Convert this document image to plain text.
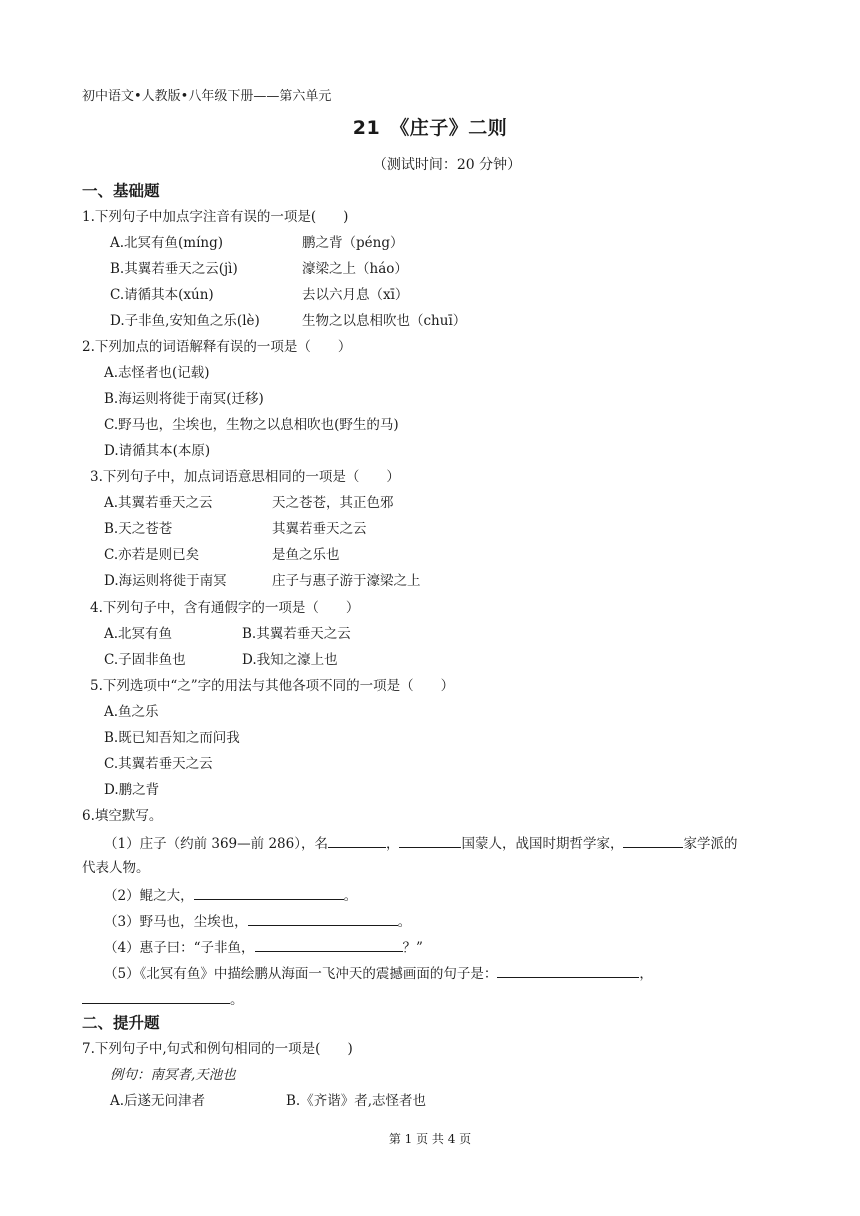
初中语文•人教版•八年级下册——第六单元
21　《庄子》二则
（测试时间：20 分钟）
一、基础题
1.下列句子中加点字注音有误的一项是(　　)
A.北冥有鱼(míng)	鹏之背（péng）
B.其翼若垂天之云(jì)	濠梁之上（háo）
C.请循其本(xún)	去以六月息（xī）
D.子非鱼,安知鱼之乐(lè)	生物之以息相吹也（chuī）
2.下列加点的词语解释有误的一项是（　　）
A.志怪者也(记载)
B.海运则将徙于南冥(迁移)
C.野马也，尘埃也，生物之以息相吹也(野生的马)
D.请循其本(本原)
3.下列句子中，加点词语意思相同的一项是（　　）
A.其翼若垂天之云	天之苍苍，其正色邪
B.天之苍苍	其翼若垂天之云
C.亦若是则已矣	是鱼之乐也
D.海运则将徙于南冥	庄子与惠子游于濠梁之上
4.下列句子中，含有通假字的一项是（　　）
A.北冥有鱼	B.其翼若垂天之云
C.子固非鱼也	D.我知之濠上也
5.下列选项中“之”字的用法与其他各项不同的一项是（　　）
A.鱼之乐
B.既已知吾知之而问我
C.其翼若垂天之云
D.鹏之背
6.填空默写。
（1）庄子（约前 369—前 286），名	，	国蒙人，战国时期哲学家，	家学派的
代表人物。
（2）鲲之大，	。
（3）野马也，尘埃也，	。
（4）惠子曰：“子非鱼，	？”
（5）《北冥有鱼》中描绘鹏从海面一飞冲天的震撼画面的句子是：	，
。
二、提升题
7.下列句子中,句式和例句相同的一项是(　　)
例句：南冥者,天池也
A.后遂无问津者	B.《齐谐》者,志怪者也
第 1 页 共 4 页
